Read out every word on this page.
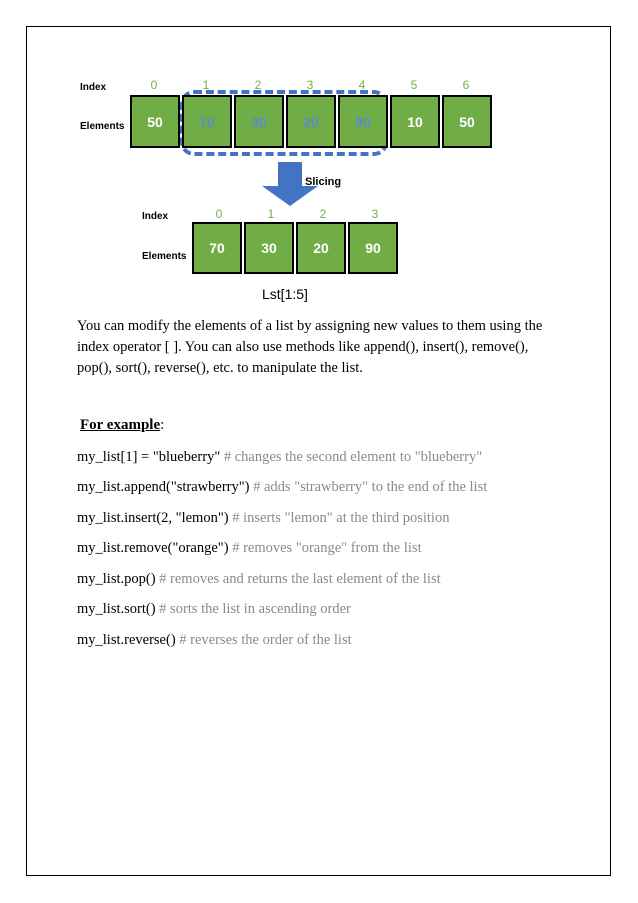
Index
Elements
0	1	2	3	4	5	6
50	70	30	20	90	10	50
Slicing
Index
Elements
0	1	2	3
70	30	20	90
Lst[1:5]

You can modify the elements of a list by assigning new values to them using the index operator [ ]. You can also use methods like append(), insert(), remove(), pop(), sort(), reverse(), etc. to manipulate the list.

For example:
my_list[1] = "blueberry" # changes the second element to "blueberry"
my_list.append("strawberry") # adds "strawberry" to the end of the list
my_list.insert(2, "lemon") # inserts "lemon" at the third position
my_list.remove("orange") # removes "orange" from the list
my_list.pop() # removes and returns the last element of the list
my_list.sort() # sorts the list in ascending order
my_list.reverse() # reverses the order of the list
